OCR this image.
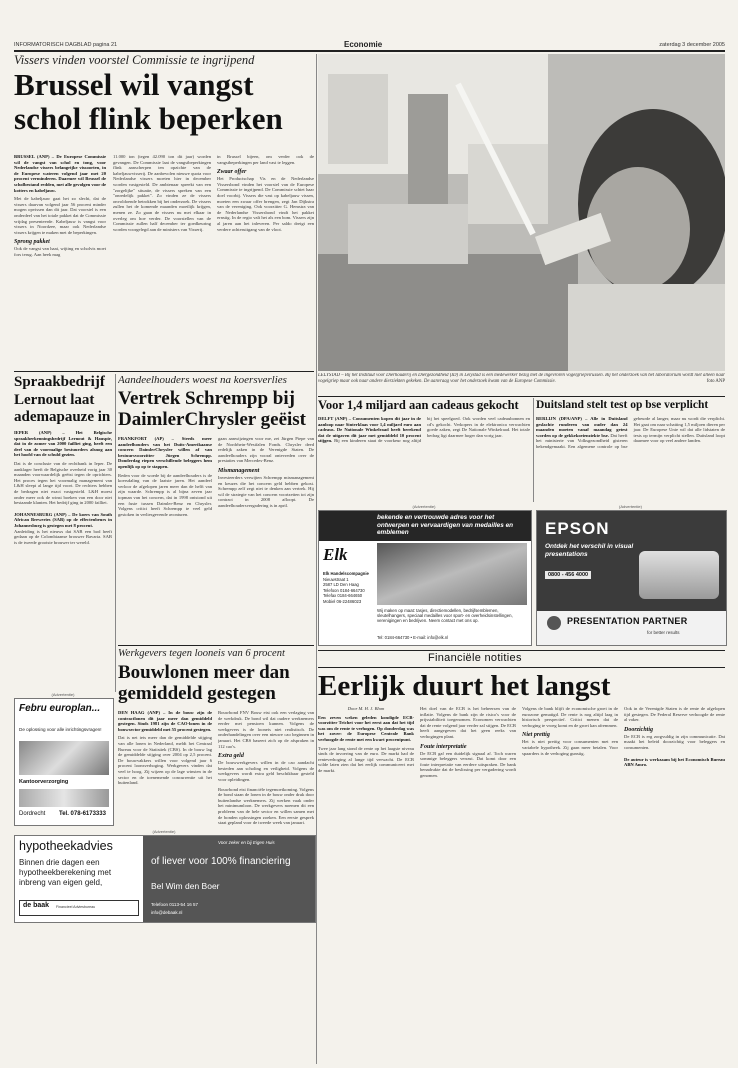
INFORMATORISCH DAGBLAD pagina 21	Economie	zaterdag 3 december 2005
Vissers vinden voorstel Commissie te ingrijpend
Brussel wil vangst schol flink beperken
BRUSSEL (ANP) – De Europese Commissie wil de vangst van schol en tong, voor Nederlandse vissers belangrijke vissoorten, in de Europese wateren volgend jaar met 20 procent verminderen. Daarmee wil Brussel de scholbestand redden, met alle gevolgen voor de kotters en kabeljauw.
Met de kabeljauw gaat het zo slecht, dat de vissers daarvan volgend jaar 56 procent minder mogen opvissen dan dit jaar. Dat voorstel is een onderdeel van het totale pakket dat de Commissie vrijdag presenteerde. Kabeljauw is vangst voor vissers in Noordzee, maar ook Nederlandse vissers krijgen te maken met de beperkingen.
Sprong pakket
Ook de vangst van haai, wijting en scholvis moet fors terug. Aan heek mag
11.000 ton (tegen 42.090 ton dit jaar) worden gevangen. De Commissie laat de vangstbeperkingen flink aanscherpen ten opzichte van de kabeljauwvisserij. De aanbevolen nieuwe quota voor Nederlandse vissers moeten hier in december worden vastgesteld. De ambtenaar spreekt van een "zorgelijke" situatie, de vissers spreken van een "onredelijk pakket". Zo vinden ze de vissers onvoldoende betrokken bij het onderzoek. De vissers zullen het de komende maanden moeilijk krijgen, menen ze. Zo gaan de vissers nu met elkaar in overleg om hoe verder. De voorstellen van de Commissie zullen half december ter goedkeuring worden voorgelegd aan de ministers van Visserij.
in Brussel bijeen, om verder ook de vangstbeperkingen per land vast te leggen.
Zwaar offer
Het Productschap Vis en de Nederlandse Vissersbond vinden het voorstel van de Europese Commissie te ingrijpend. De Commissie schiet haar doel voorbij. Vissers die vast op kabeljauw vissen, moeten een zwaar offer brengen, zegt Jan Dijkstra van de vereniging. Ook voorzitter G. Hemstra van de Nederlandse Vissersbond vindt het pakket ernstig. In de regio valt het als een bom. Vissers zijn al jaren aan het inleveren. Per saldo dreigt een verdere achteruitgang van de vloot.
LELYSTAD – Bij het Instituut voor Dierhouderij en Diergezondheid (ID) in Lelystad is een medewerker bezig met de ingevroren vogelgriepvirussen. Bij het onderzoek van het laboratorium wordt niet alleen naar vogelgriep maar ook naar andere dierziekten gekeken. De aanvraag voor het onderzoek kwam van de Europese Commissie.	foto ANP
Spraakbedrijf Lernout laat ademapauze in
IEPER (ANP) – Het Belgische spraakherkenningsbedrijf Lernout & Hauspie, dat in de zomer van 2000 failliet ging, heeft een deel van de voormalige bestuurders alsnog aan het hoofd van de schuld gezien.
Dat is de conclusie van de rechtbank in Ieper. De aanklager heeft de Belgische overheid vorig jaar 30 maanden voorwaardelijk geëist tegen de oprichters. Het proces tegen het voormalig management van L&H sleept al lange tijd voort. De rechters hebben de bedragen niet exact vastgesteld. L&H moest onder meer ook de winst boeken van een door niet bestaande klanten. Het bedrijf ging in 2000 failliet.
JOHANNESBURG (ANP) – De koers van South African Breweries (SAB) op de effectenbeurs in Johannesburg is gestegen met 8 procent.
Aanleiding is het nieuws dat SAB een bod heeft gedaan op de Colombiaanse brouwer Bavaria. SAB is de tweede grootste brouwer ter wereld.
Aandeelhouders woest na koersverlies
Vertrek Schrempp bij DaimlerChrysler geëist
FRANKFORT (AP) – Steeds meer aandeelhouders van het Duits-Amerikaanse concern DaimlerChrysler willen af van bestuursvoorzitter Jürgen Schrempp. Donderdag riepen verschillende beleggers hem openlijk op op te stappen.
Reden voor de woede bij de aandeelhouders is de koersdaling van de laatste jaren. Het aandeel verloor de afgelopen jaren meer dan de helft van zijn waarde. Schrempp is al bijna zeven jaar topman van het concern, dat in 1998 ontstond uit een fusie tussen Daimler-Benz en Chrysler. Volgens critici heeft Schrempp te veel geld gestoken in verliesgevende avonturen.
gaan aanwijzingen voor me, zei Jürgen Piepe van de Nordrhein-Westfalen Fonds. Chrysler deed redelijk zaken in de Verenigde Staten. De aandeelhouders zijn vooral ontevreden over de prestaties van Mercedes-Benz.
Mismanagement
Investeerders verwijten Schrempp mismanagement en keuzes die het concern geld hebben gekost. Schrempp zelf zegt niet te denken aan vertrek. Hij wil de strategie van het concern voortzetten tot zijn contract in 2008 afloopt. De aandeelhoudersvergadering is in april.
Voor 1,4 miljard aan cadeaus gekocht
DELFT (ANP) – Consumenten kopen dit jaar in de aanloop naar Sinterklaas voor 1,4 miljard euro aan cadeaus. De Nationale Winkelraad heeft berekend dat de uitgaven dit jaar met gemiddeld 10 procent stijgen. Bij een kinderen staat de voorkeur nog altijd bij het speelgoed. Ook worden veel cadeaubonnen en cd's gekocht. Verkopers in de elektronica verwachten goede zaken, zegt De Nationale Winkelraad. Het totale bedrag ligt daarmee hoger dan vorig jaar.
Duitsland stelt test op bse verplicht
BERLIJN (DPA/ANP) – Alle in Duitsland geslachte runderen van ouder dan 24 maanden moeten vanaf maandag getest worden op de gekkekoeienziekte bse. Dat heeft het ministerie van Volksgezondheid gisteren bekendgemaakt. Een algemene controle op bse gebeurde al langer, maar nu wordt die verplicht. Het gaat om naar schatting 1,5 miljoen dieren per jaar. De Europese Unie wil dat alle lidstaten de tests op termijn verplicht stellen. Duitsland loopt daarmee voor op veel andere landen.
(Advertentie)
bekende en vertrouwde adres voor het ontwerpen en vervaardigen van medailles en emblemen
Elk
Elk Handelscompagnie
Nieuwstraat 1
2587 LD Den Haag
Telefoon 0184-664730
Telefax 0184-664650
Mobiel 06-22486023
Wij maken op maat: tasjes, directiemodellen, bedrijfsemblemen, sleutelhangers, speciaal medailles voor sport- en overheidsinstellingen, verenigingen en bedrijven. Neem contact met ons op.
Tel: 0184-664730 • E-mail: info@elk.nl
(Advertentie)
EPSON
Ontdek het verschil in visual presentations
0800 - 456 4000
PRESENTATION PARTNER
for better results
Financiële notities
Werkgevers tegen looneis van 6 procent
Bouwlonen meer dan gemiddeld gestegen
DEN HAAG (ANP) – In de bouw zijn de contractlonen dit jaar meer dan gemiddeld gestegen. Sinds 1981 zijn de CAO-lonen in de bouwsector gemiddeld met 55 procent gestegen.
Dat is net iets meer dan de gemiddelde stijging van alle lonen in Nederland, meldt het Centraal Bureau voor de Statistiek (CBS). In de bouw lag de gemiddelde stijging over 2004 op 2,5 procent. De bouwvakkers willen voor volgend jaar 6 procent loonsverhoging. Werkgevers vinden dat veel te hoog. Zij wijzen op de lage winsten in de sector en de toenemende concurrentie uit het buitenland.
Bouwbond FNV Bouw eist ook een verlaging van de werkdruk. De bond wil dat oudere werknemers eerder met pensioen kunnen. Volgens de werkgevers is de looneis niet realistisch. De onderhandelingen over een nieuwe cao beginnen in januari. Het CBS baseert zich op de afspraken in 112 cao's.
Extra geld
De bouwwerkgevers willen in de cao aandacht besteden aan scholing en veiligheid. Volgens de werkgevers wordt extra geld beschikbaar gesteld voor opleidingen.
Bouwbond eist financiële tegemoetkoming. Volgens de bond staan de lonen in de bouw onder druk door buitenlandse werknemers. Zij werken vaak onder het minimumloon. De werkgevers noemen dit een probleem van de hele sector en willen samen met de bonden oplossingen zoeken. Een eerste gesprek staat gepland voor de tweede week van januari.
(Advertentie)
Febru europlan...
De oplossing voor alle inrichtingsvragen!
Kantoorverzorging
Dordrecht Tel. 078-6173333
(Advertentie)
hypotheekadvies
Binnen drie dagen een hypotheekberekening met inbreng van eigen geld,
de baak Financieel Adviesbureau
Voor zeker en bij Eigen Huis
of liever voor 100% financiering
Bel Wim den Boer
Telefoon 0113-54 16 57
info@debaak.nl
Eerlijk duurt het langst
Door M. H. J. Blom
Een zeven weken geleden kondigde ECB-voorzitter Trichet voor het eerst aan dat het tijd was om de rente te verhogen. Op donderdag was het zover: de Europese Centrale Bank verhoogde de rente met een kwart procentpunt.
Twee jaar lang stond de rente op het laagste niveau sinds de invoering van de euro. De markt had de renteverhoging al lange tijd verwacht. De ECB wilde laten zien dat het eerlijk communiceert met de markt.
Het doel van de ECB is het beheersen van de inflatie. Volgens de bank zijn de risico's voor de prijsstabiliteit toegenomen. Economen verwachten dat de rente volgend jaar verder zal stijgen. De ECB heeft aangegeven dat het geen reeks van verhogingen plant.
Foute interpretatie
De ECB gaf een duidelijk signaal af. Toch waren sommige beleggers verrast. Dat komt door een foute interpretatie van eerdere uitspraken. De bank benadrukte dat de beslissing per vergadering wordt genomen.
Volgens de bank blijft de economische groei in de eurozone gematigd. De rente is nog altijd laag in historisch perspectief. Critici menen dat de verhoging te vroeg komt en de groei kan afremmen.
Niet prettig
Het is niet prettig voor consumenten met een variabele hypotheek. Zij gaan meer betalen. Voor spaarders is de verhoging gunstig.
Ook in de Verenigde Staten is de rente de afgelopen tijd gestegen. De Federal Reserve verhoogde de rente al vaker.
Doorzichtig
De ECB is erg zorgvuldig in zijn communicatie. Dat maakt het beleid doorzichtig voor beleggers en consumenten.
De auteur is werkzaam bij het Economisch Bureau ABN Amro.
